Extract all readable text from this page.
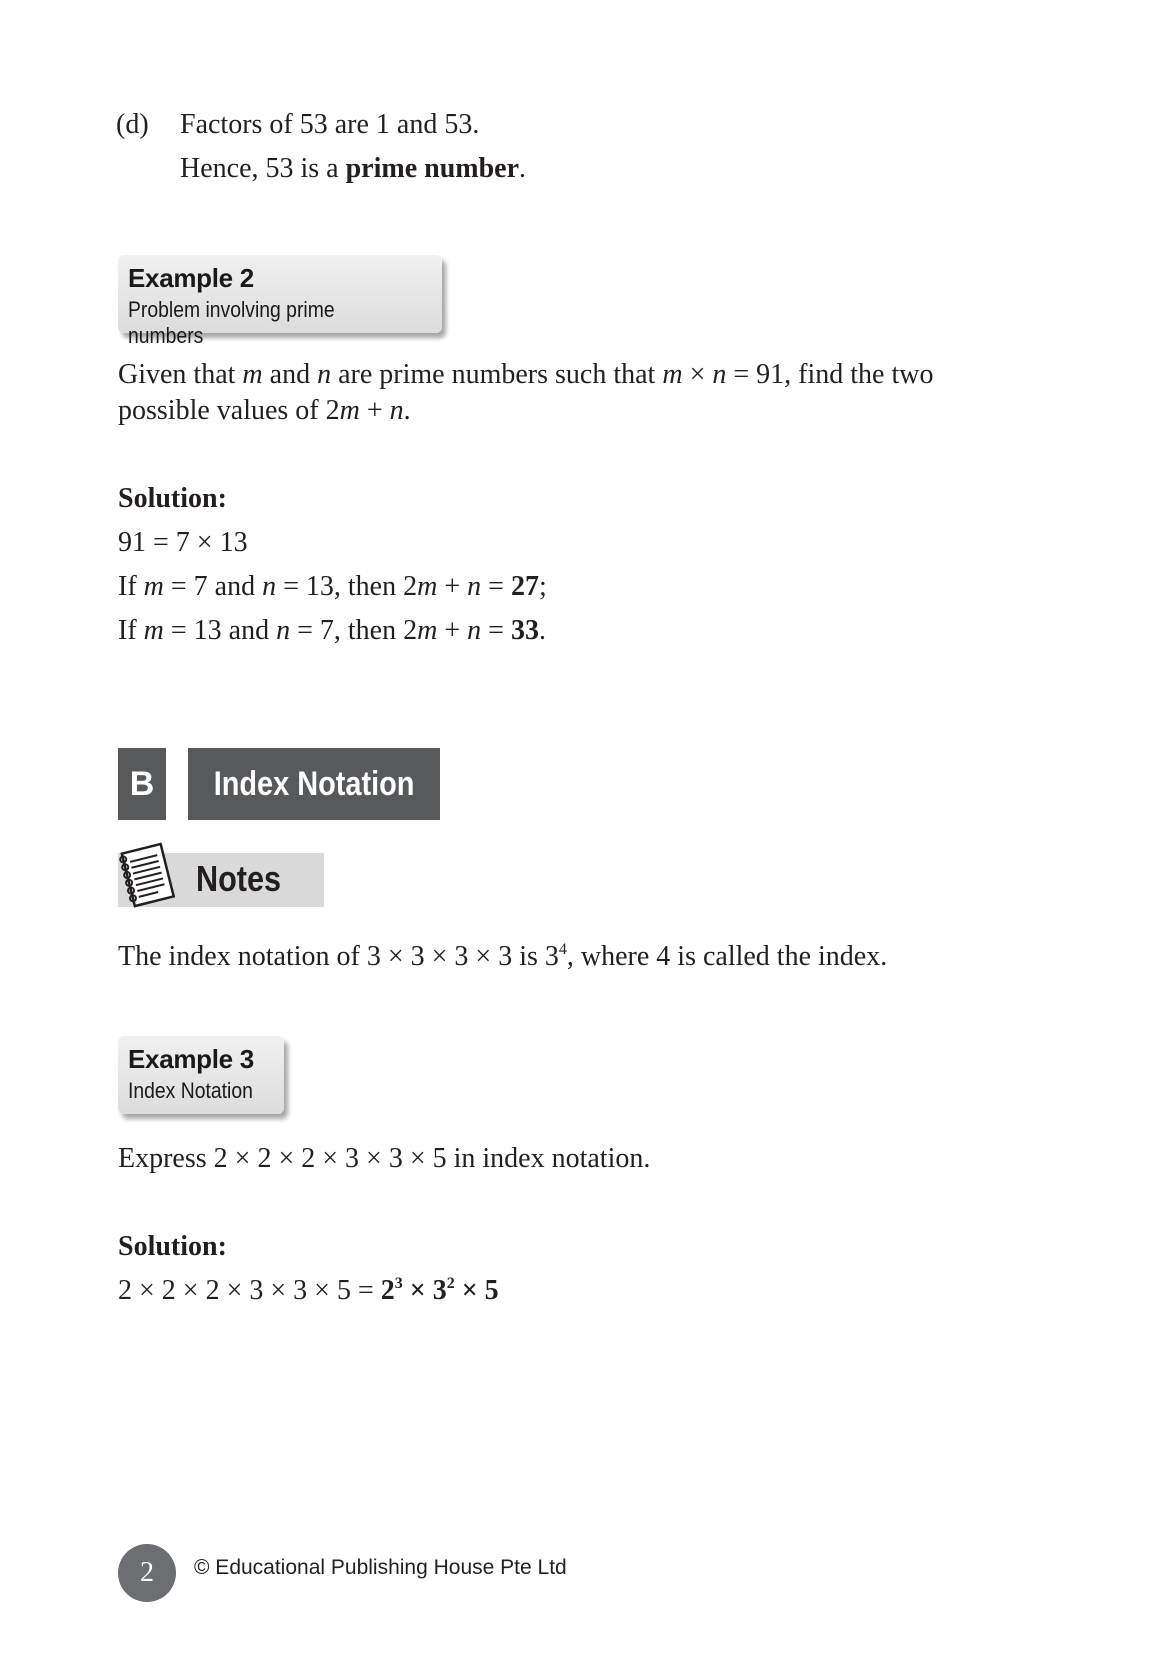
(d) Factors of 53 are 1 and 53.
Hence, 53 is a prime number.
Example 2
Problem involving prime numbers
Given that m and n are prime numbers such that m × n = 91, find the two
possible values of 2m + n.
Solution:
91 = 7 × 13
If m = 7 and n = 13, then 2m + n = 27;
If m = 13 and n = 7, then 2m + n = 33.
B Index Notation
Notes
The index notation of 3 × 3 × 3 × 3 is $3^4$, where 4 is called the index.
Example 3
Index Notation
Express 2 × 2 × 2 × 3 × 3 × 5 in index notation.
Solution:
$2 \times 2 \times 2 \times 3 \times 3 \times 5 = 2^3 \times 3^2 \times 5$
2 © Educational Publishing House Pte Ltd
